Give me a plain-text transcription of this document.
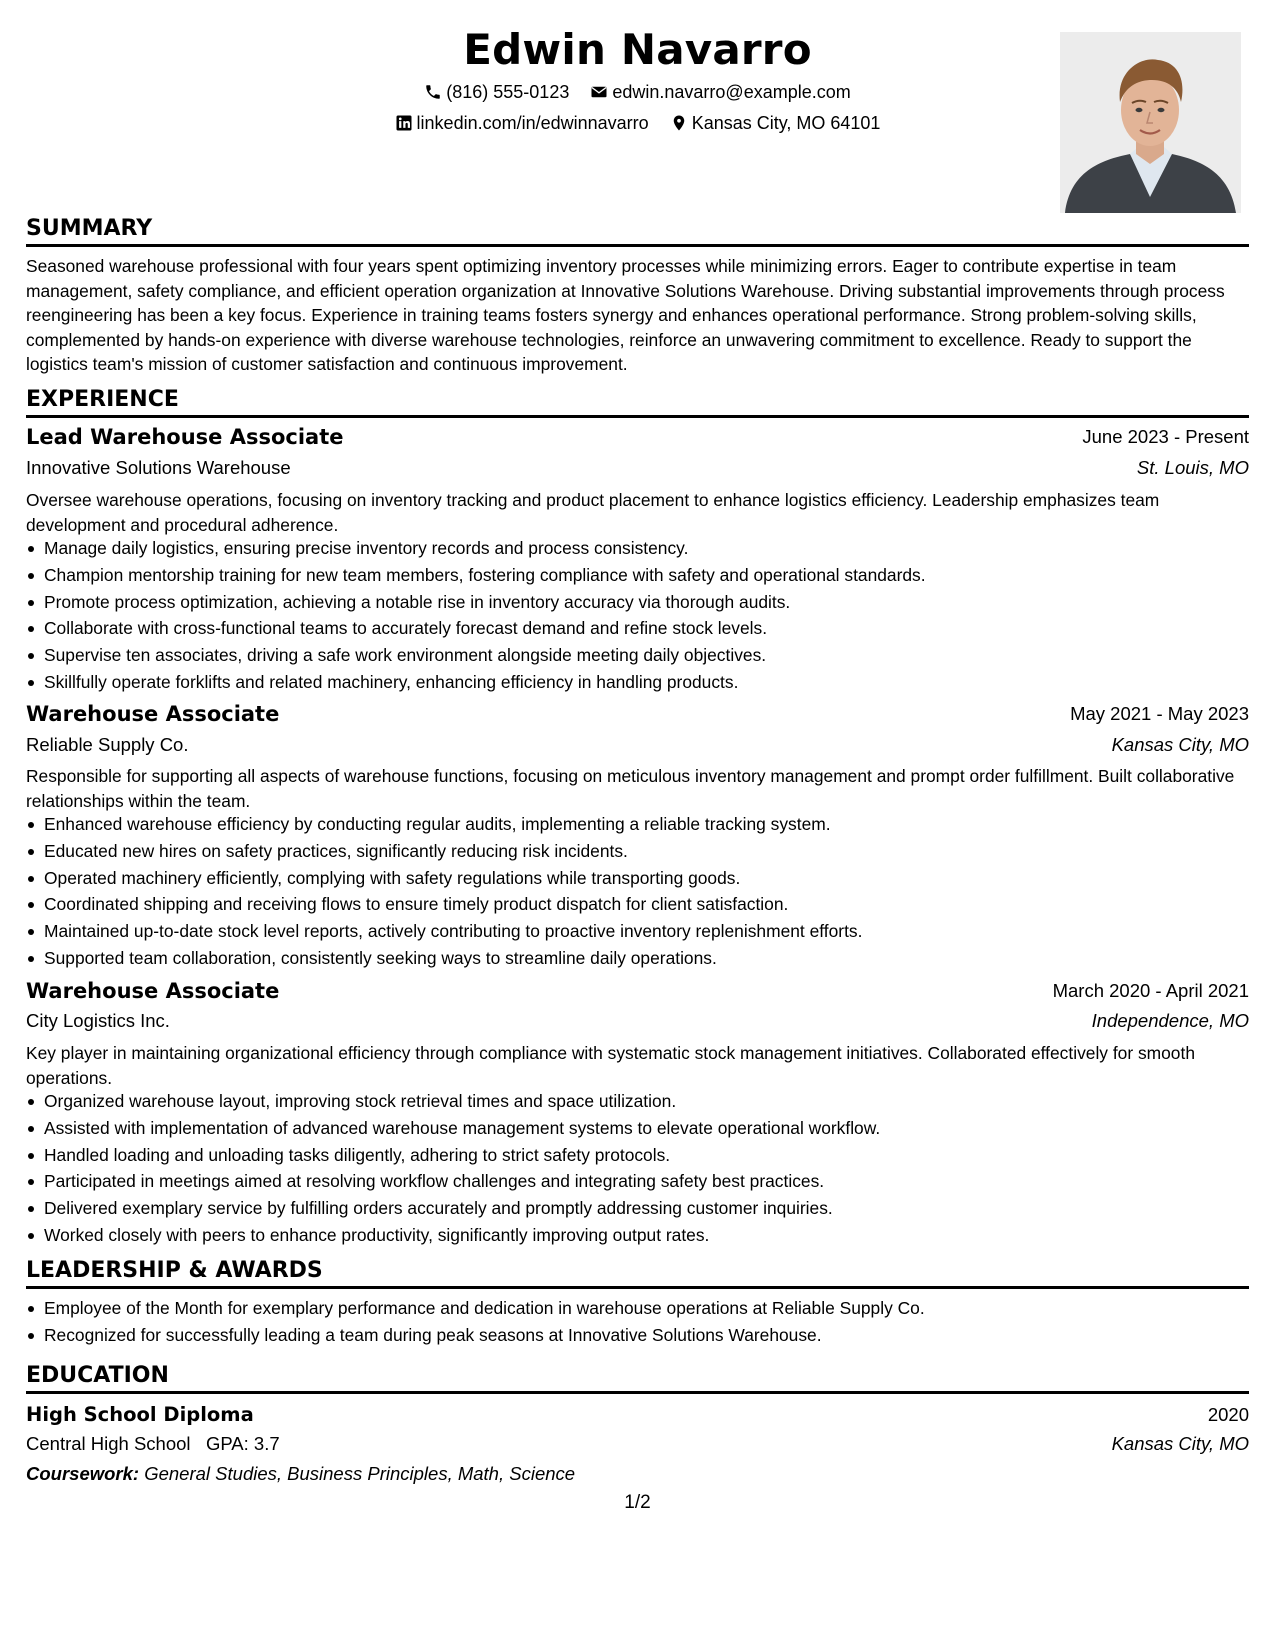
Edwin Navarro
(816) 555-0123
edwin.navarro@example.com
linkedin.com/in/edwinnavarro
Kansas City, MO 64101
SUMMARY
Seasoned warehouse professional with four years spent optimizing inventory processes while minimizing errors. Eager to contribute expertise in team management, safety compliance, and efficient operation organization at Innovative Solutions Warehouse. Driving substantial improvements through process reengineering has been a key focus. Experience in training teams fosters synergy and enhances operational performance. Strong problem-solving skills, complemented by hands-on experience with diverse warehouse technologies, reinforce an unwavering commitment to excellence. Ready to support the logistics team's mission of customer satisfaction and continuous improvement.
EXPERIENCE
Lead Warehouse Associate	June 2023 - Present
Innovative Solutions Warehouse	St. Louis, MO
Oversee warehouse operations, focusing on inventory tracking and product placement to enhance logistics efficiency. Leadership emphasizes team development and procedural adherence.
Manage daily logistics, ensuring precise inventory records and process consistency.
Champion mentorship training for new team members, fostering compliance with safety and operational standards.
Promote process optimization, achieving a notable rise in inventory accuracy via thorough audits.
Collaborate with cross-functional teams to accurately forecast demand and refine stock levels.
Supervise ten associates, driving a safe work environment alongside meeting daily objectives.
Skillfully operate forklifts and related machinery, enhancing efficiency in handling products.
Warehouse Associate	May 2021 - May 2023
Reliable Supply Co.	Kansas City, MO
Responsible for supporting all aspects of warehouse functions, focusing on meticulous inventory management and prompt order fulfillment. Built collaborative relationships within the team.
Enhanced warehouse efficiency by conducting regular audits, implementing a reliable tracking system.
Educated new hires on safety practices, significantly reducing risk incidents.
Operated machinery efficiently, complying with safety regulations while transporting goods.
Coordinated shipping and receiving flows to ensure timely product dispatch for client satisfaction.
Maintained up-to-date stock level reports, actively contributing to proactive inventory replenishment efforts.
Supported team collaboration, consistently seeking ways to streamline daily operations.
Warehouse Associate	March 2020 - April 2021
City Logistics Inc.	Independence, MO
Key player in maintaining organizational efficiency through compliance with systematic stock management initiatives. Collaborated effectively for smooth operations.
Organized warehouse layout, improving stock retrieval times and space utilization.
Assisted with implementation of advanced warehouse management systems to elevate operational workflow.
Handled loading and unloading tasks diligently, adhering to strict safety protocols.
Participated in meetings aimed at resolving workflow challenges and integrating safety best practices.
Delivered exemplary service by fulfilling orders accurately and promptly addressing customer inquiries.
Worked closely with peers to enhance productivity, significantly improving output rates.
LEADERSHIP & AWARDS
Employee of the Month for exemplary performance and dedication in warehouse operations at Reliable Supply Co.
Recognized for successfully leading a team during peak seasons at Innovative Solutions Warehouse.
EDUCATION
High School Diploma	2020
Central High School GPA: 3.7	Kansas City, MO
Coursework: General Studies, Business Principles, Math, Science
1/2
